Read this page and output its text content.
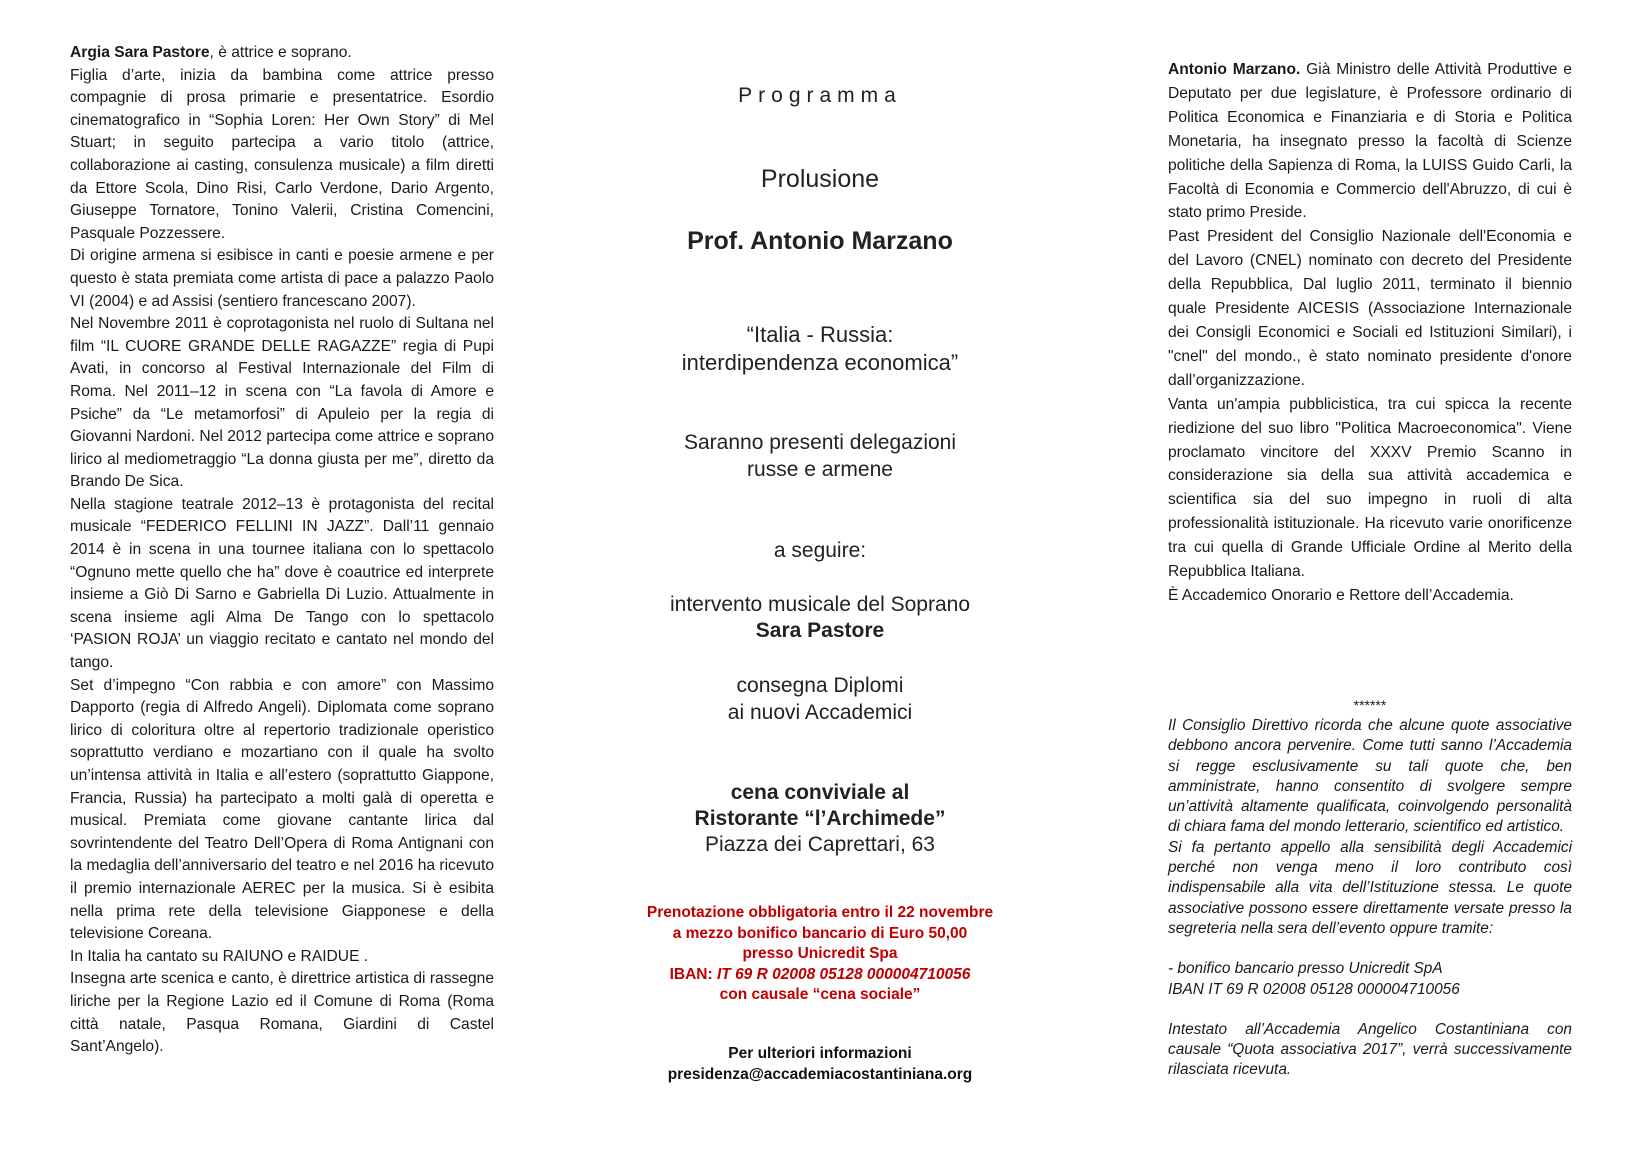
Argia Sara Pastore, è attrice e soprano.

Figlia d’arte, inizia da bambina come attrice presso compagnie di prosa primarie e presentatrice. Esordio cinematografico in “Sophia Loren: Her Own Story” di Mel Stuart; in seguito partecipa a vario titolo (attrice, collaborazione ai casting, consulenza musicale) a film diretti da Ettore Scola, Dino Risi, Carlo Verdone, Dario Argento, Giuseppe Tornatore, Tonino Valerii, Cristina Comencini, Pasquale Pozzessere.

Di origine armena si esibisce in canti e poesie armene e per questo è stata premiata come artista di pace a palazzo Paolo VI (2004) e ad Assisi (sentiero francescano 2007).

Nel Novembre 2011 è coprotagonista nel ruolo di Sultana nel film “IL CUORE GRANDE DELLE RAGAZZE” regia di Pupi Avati, in concorso al Festival Internazionale del Film di Roma. Nel 2011–12 in scena con “La favola di Amore e Psiche” da “Le metamorfosi” di Apuleio per la regia di Giovanni Nardoni. Nel 2012 partecipa come attrice e soprano lirico al mediometraggio “La donna giusta per me”, diretto da Brando De Sica.

Nella stagione teatrale 2012–13 è protagonista del recital musicale “FEDERICO FELLINI IN JAZZ”. Dall’11 gennaio 2014 è in scena in una tournee italiana con lo spettacolo “Ognuno mette quello che ha” dove è coautrice ed interprete insieme a Giò Di Sarno e Gabriella Di Luzio. Attualmente in scena insieme agli Alma De Tango con lo spettacolo ‘PASION ROJA’ un viaggio recitato e cantato nel mondo del tango.

Set d’impegno “Con rabbia e con amore” con Massimo Dapporto (regia di Alfredo Angeli). Diplomata come soprano lirico di coloritura oltre al repertorio tradizionale operistico soprattutto verdiano e mozartiano con il quale ha svolto un’intensa attività in Italia e all’estero (soprattutto Giappone, Francia, Russia) ha partecipato a molti galà di operetta e musical. Premiata come giovane cantante lirica dal sovrintendente del Teatro Dell’Opera di Roma Antignani con la medaglia dell’anniversario del teatro e nel 2016 ha ricevuto il premio internazionale AEREC per la musica. Si è esibita nella prima rete della televisione Giapponese e della televisione Coreana.

In Italia ha cantato su RAIUNO e RAIDUE .

Insegna arte scenica e canto, è direttrice artistica di rassegne liriche per la Regione Lazio ed il Comune di Roma (Roma città natale, Pasqua Romana, Giardini di Castel Sant’Angelo).

Programma

Prolusione

Prof. Antonio Marzano

“Italia - Russia:
interdipendenza economica”

Saranno presenti delegazioni
russe e armene

a seguire:

intervento musicale del Soprano
Sara Pastore

consegna Diplomi
ai nuovi Accademici

cena conviviale al
Ristorante “l’Archimede”
Piazza dei Caprettari, 63

Prenotazione obbligatoria entro il 22 novembre
a mezzo bonifico bancario di Euro 50,00
presso Unicredit Spa
IBAN: IT 69 R 02008 05128 000004710056
con causale “cena sociale”

Per ulteriori informazioni
presidenza@accademiacostantiniana.org

Antonio Marzano. Già Ministro delle Attività Produttive e Deputato per due legislature, è Professore ordinario di Politica Economica e Finanziaria e di Storia e Politica Monetaria, ha insegnato presso la facoltà di Scienze politiche della Sapienza di Roma, la LUISS Guido Carli, la Facoltà di Economia e Commercio dell'Abruzzo, di cui è stato primo Preside.

Past President del Consiglio Nazionale dell'Economia e del Lavoro (CNEL) nominato con decreto del Presidente della Repubblica, Dal luglio 2011, terminato il biennio quale Presidente AICESIS (Associazione Internazionale dei Consigli Economici e Sociali ed Istituzioni Similari), i "cnel" del mondo., è stato nominato presidente d'onore dall’organizzazione.

Vanta un'ampia pubblicistica, tra cui spicca la recente riedizione del suo libro "Politica Macroeconomica". Viene proclamato vincitore del XXXV Premio Scanno in considerazione sia della sua attività accademica e scientifica sia del suo impegno in ruoli di alta professionalità istituzionale. Ha ricevuto varie onorificenze tra cui quella di Grande Ufficiale Ordine al Merito della Repubblica Italiana.

È Accademico Onorario e Rettore dell’Accademia.

******

Il Consiglio Direttivo ricorda che alcune quote associative debbono ancora pervenire. Come tutti sanno l’Accademia si regge esclusivamente su tali quote che, ben amministrate, hanno consentito di svolgere sempre un’attività altamente qualificata, coinvolgendo personalità di chiara fama del mondo letterario, scientifico ed artistico.

Si fa pertanto appello alla sensibilità degli Accademici perché non venga meno il loro contributo così indispensabile alla vita dell’Istituzione stessa. Le quote associative possono essere direttamente versate presso la segreteria nella sera dell’evento oppure tramite:

- bonifico bancario presso Unicredit SpA

IBAN IT 69 R 02008 05128 000004710056

Intestato all’Accademia Angelico Costantiniana con causale “Quota associativa 2017”, verrà successivamente rilasciata ricevuta.
